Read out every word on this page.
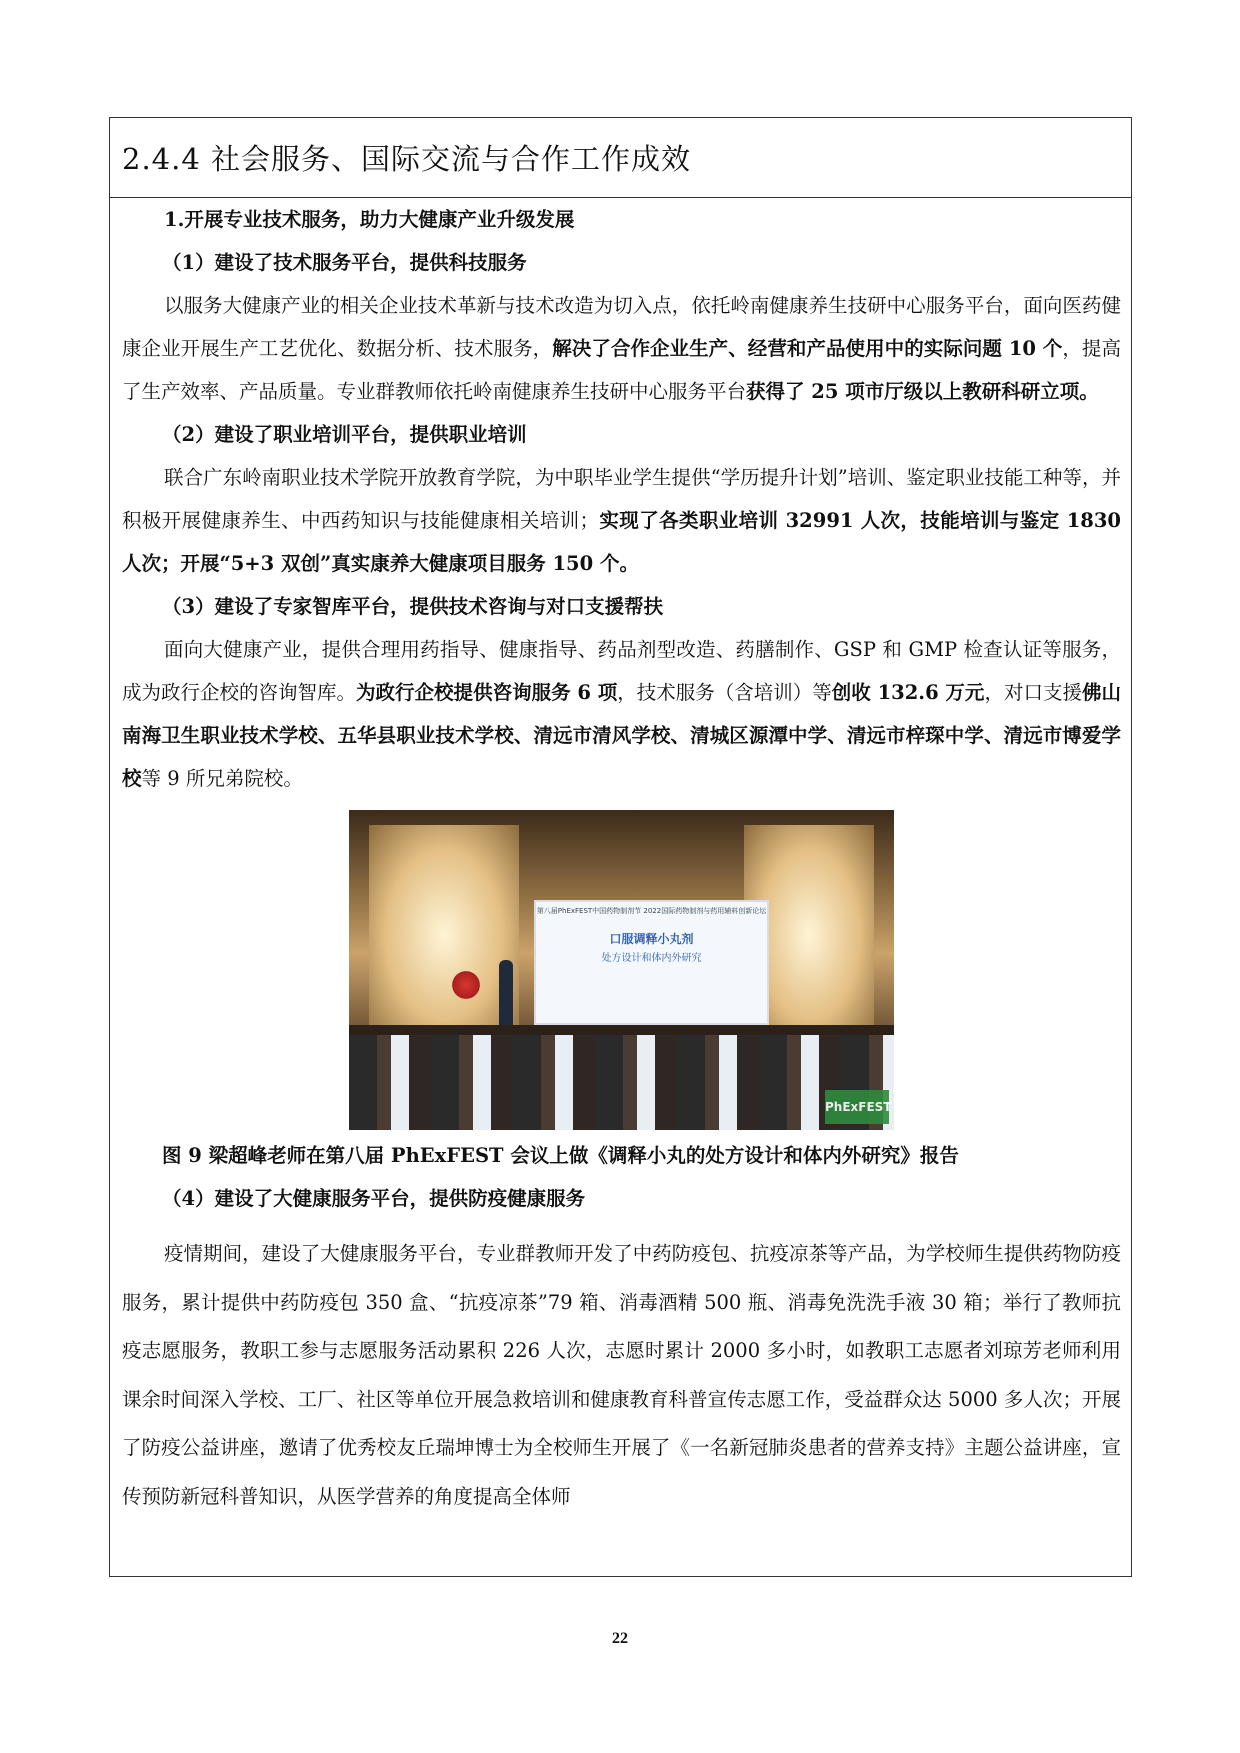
2.4.4 社会服务、国际交流与合作工作成效

1.开展专业技术服务，助力大健康产业升级发展

（1）建设了技术服务平台，提供科技服务

以服务大健康产业的相关企业技术革新与技术改造为切入点，依托岭南健康养生技研中心服务平台，面向医药健康企业开展生产工艺优化、数据分析、技术服务，解决了合作企业生产、经营和产品使用中的实际问题 10 个，提高了生产效率、产品质量。专业群教师依托岭南健康养生技研中心服务平台获得了 25 项市厅级以上教研科研立项。

（2）建设了职业培训平台，提供职业培训

联合广东岭南职业技术学院开放教育学院，为中职毕业学生提供“学历提升计划”培训、鉴定职业技能工种等，并积极开展健康养生、中西药知识与技能健康相关培训；实现了各类职业培训 32991 人次，技能培训与鉴定 1830 人次；开展“5+3 双创”真实康养大健康项目服务 150 个。

（3）建设了专家智库平台，提供技术咨询与对口支援帮扶

面向大健康产业，提供合理用药指导、健康指导、药品剂型改造、药膳制作、GSP 和 GMP 检查认证等服务，成为政行企校的咨询智库。为政行企校提供咨询服务 6 项，技术服务（含培训）等创收 132.6 万元，对口支援佛山南海卫生职业技术学校、五华县职业技术学校、清远市清风学校、清城区源潭中学、清远市梓琛中学、清远市博爱学校等 9 所兄弟院校。

第八届PhExFEST中国药物制剂节 2022国际药物制剂与药用辅料创新论坛
口服调释小丸剂
处方设计和体内外研究
PhExFEST

图 9 梁超峰老师在第八届 PhExFEST 会议上做《调释小丸的处方设计和体内外研究》报告

（4）建设了大健康服务平台，提供防疫健康服务

疫情期间，建设了大健康服务平台，专业群教师开发了中药防疫包、抗疫凉茶等产品，为学校师生提供药物防疫服务，累计提供中药防疫包 350 盒、“抗疫凉茶”79 箱、消毒酒精 500 瓶、消毒免洗洗手液 30 箱；举行了教师抗疫志愿服务，教职工参与志愿服务活动累积 226 人次，志愿时累计 2000 多小时，如教职工志愿者刘琼芳老师利用课余时间深入学校、工厂、社区等单位开展急救培训和健康教育科普宣传志愿工作，受益群众达 5000 多人次；开展了防疫公益讲座，邀请了优秀校友丘瑞坤博士为全校师生开展了《一名新冠肺炎患者的营养支持》主题公益讲座，宣传预防新冠科普知识，从医学营养的角度提高全体师

22
